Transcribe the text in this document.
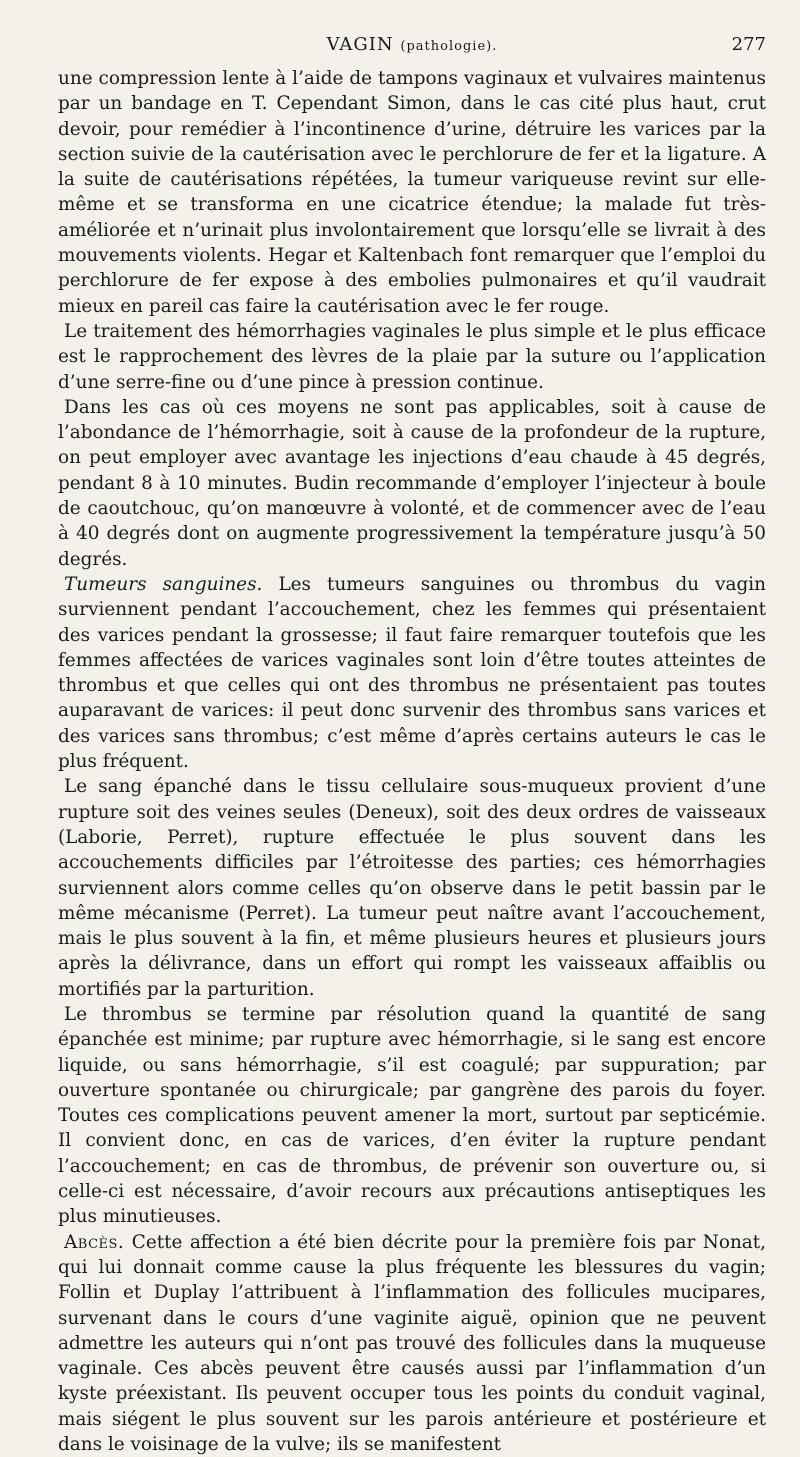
VAGIN (pathologie).	277

une compression lente à l’aide de tampons vaginaux et vulvaires maintenus par un bandage en T. Cependant Simon, dans le cas cité plus haut, crut devoir, pour remédier à l’incontinence d’urine, détruire les varices par la section suivie de la cautérisation avec le perchlorure de fer et la ligature. A la suite de cautérisations répétées, la tumeur variqueuse revint sur elle-même et se transforma en une cicatrice étendue; la malade fut très-améliorée et n’urinait plus involontairement que lorsqu’elle se livrait à des mouvements violents. Hegar et Kaltenbach font remarquer que l’emploi du perchlorure de fer expose à des embolies pulmonaires et qu’il vaudrait mieux en pareil cas faire la cautérisation avec le fer rouge.

Le traitement des hémorrhagies vaginales le plus simple et le plus efficace est le rapprochement des lèvres de la plaie par la suture ou l’application d’une serre-fine ou d’une pince à pression continue.

Dans les cas où ces moyens ne sont pas applicables, soit à cause de l’abondance de l’hémorrhagie, soit à cause de la profondeur de la rupture, on peut employer avec avantage les injections d’eau chaude à 45 degrés, pendant 8 à 10 minutes. Budin recommande d’employer l’injecteur à boule de caoutchouc, qu’on manœuvre à volonté, et de commencer avec de l’eau à 40 degrés dont on augmente progressivement la température jusqu’à 50 degrés.

Tumeurs sanguines. Les tumeurs sanguines ou thrombus du vagin surviennent pendant l’accouchement, chez les femmes qui présentaient des varices pendant la grossesse; il faut faire remarquer toutefois que les femmes affectées de varices vaginales sont loin d’être toutes atteintes de thrombus et que celles qui ont des thrombus ne présentaient pas toutes auparavant de varices: il peut donc survenir des thrombus sans varices et des varices sans thrombus; c’est même d’après certains auteurs le cas le plus fréquent.

Le sang épanché dans le tissu cellulaire sous-muqueux provient d’une rupture soit des veines seules (Deneux), soit des deux ordres de vaisseaux (Laborie, Perret), rupture effectuée le plus souvent dans les accouchements difficiles par l’étroitesse des parties; ces hémorrhagies surviennent alors comme celles qu’on observe dans le petit bassin par le même mécanisme (Perret). La tumeur peut naître avant l’accouchement, mais le plus souvent à la fin, et même plusieurs heures et plusieurs jours après la délivrance, dans un effort qui rompt les vaisseaux affaiblis ou mortifiés par la parturition.

Le thrombus se termine par résolution quand la quantité de sang épanchée est minime; par rupture avec hémorrhagie, si le sang est encore liquide, ou sans hémorrhagie, s’il est coagulé; par suppuration; par ouverture spontanée ou chirurgicale; par gangrène des parois du foyer. Toutes ces complications peuvent amener la mort, surtout par septicémie. Il convient donc, en cas de varices, d’en éviter la rupture pendant l’accouchement; en cas de thrombus, de prévenir son ouverture ou, si celle-ci est nécessaire, d’avoir recours aux précautions antiseptiques les plus minutieuses.

Abcès. Cette affection a été bien décrite pour la première fois par Nonat, qui lui donnait comme cause la plus fréquente les blessures du vagin; Follin et Duplay l’attribuent à l’inflammation des follicules mucipares, survenant dans le cours d’une vaginite aiguë, opinion que ne peuvent admettre les auteurs qui n’ont pas trouvé des follicules dans la muqueuse vaginale. Ces abcès peuvent être causés aussi par l’inflammation d’un kyste préexistant. Ils peuvent occuper tous les points du conduit vaginal, mais siégent le plus souvent sur les parois antérieure et postérieure et dans le voisinage de la vulve; ils se manifestent
